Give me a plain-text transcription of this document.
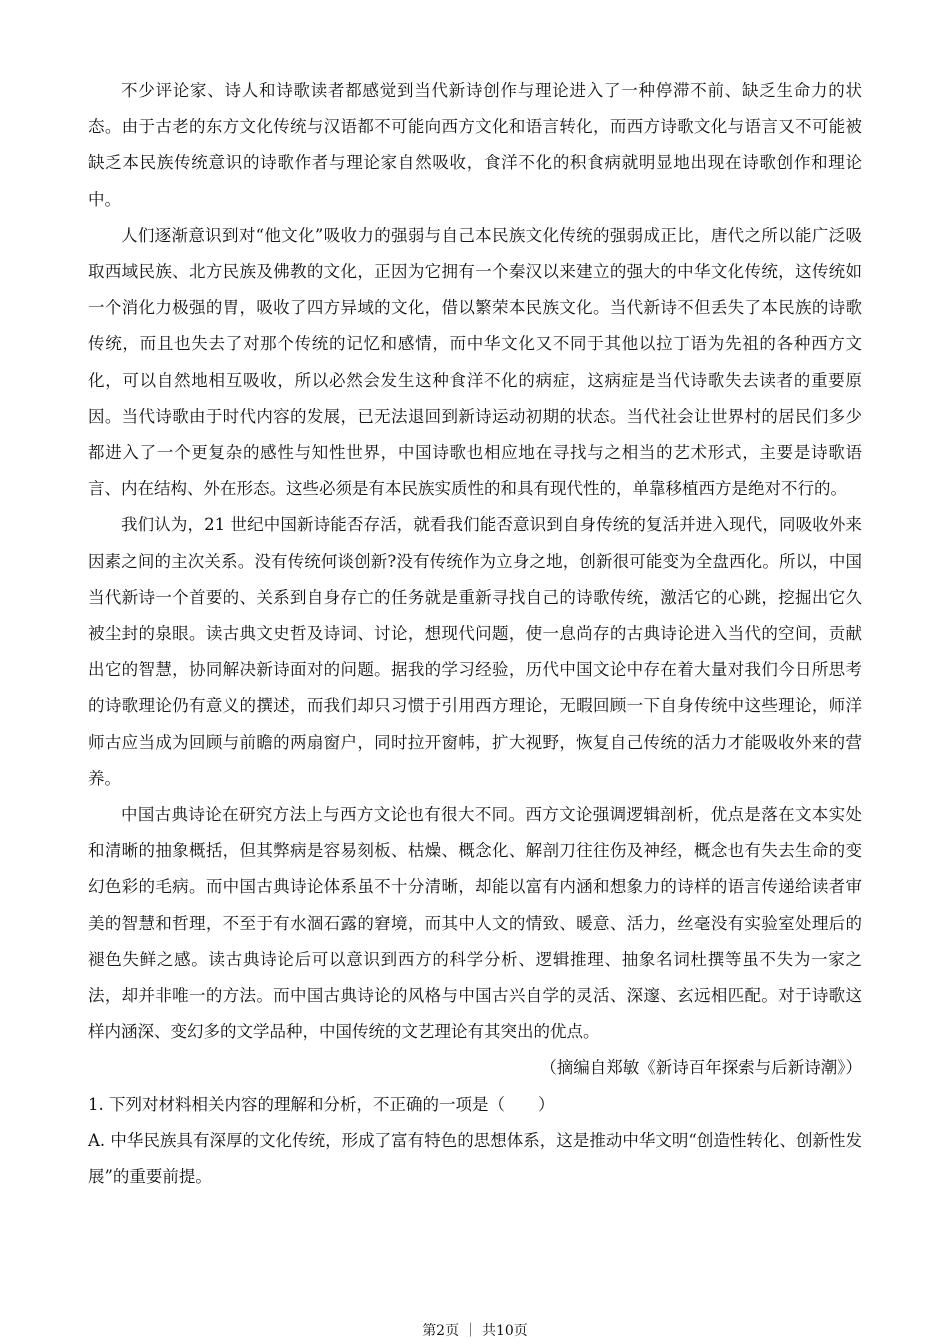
不少评论家、诗人和诗歌读者都感觉到当代新诗创作与理论进入了一种停滞不前、缺乏生命力的状态。由于古老的东方文化传统与汉语都不可能向西方文化和语言转化，而西方诗歌文化与语言又不可能被缺乏本民族传统意识的诗歌作者与理论家自然吸收，食洋不化的积食病就明显地出现在诗歌创作和理论中。

人们逐渐意识到对“他文化”吸收力的强弱与自己本民族文化传统的强弱成正比，唐代之所以能广泛吸取西域民族、北方民族及佛教的文化，正因为它拥有一个秦汉以来建立的强大的中华文化传统，这传统如一个消化力极强的胃，吸收了四方异域的文化，借以繁荣本民族文化。当代新诗不但丢失了本民族的诗歌传统，而且也失去了对那个传统的记忆和感情，而中华文化又不同于其他以拉丁语为先祖的各种西方文化，可以自然地相互吸收，所以必然会发生这种食洋不化的病症，这病症是当代诗歌失去读者的重要原因。当代诗歌由于时代内容的发展，已无法退回到新诗运动初期的状态。当代社会让世界村的居民们多少都进入了一个更复杂的感性与知性世界，中国诗歌也相应地在寻找与之相当的艺术形式，主要是诗歌语言、内在结构、外在形态。这些必须是有本民族实质性的和具有现代性的，单靠移植西方是绝对不行的。

我们认为，21 世纪中国新诗能否存活，就看我们能否意识到自身传统的复活并进入现代，同吸收外来因素之间的主次关系。没有传统何谈创新?没有传统作为立身之地，创新很可能变为全盘西化。所以，中国当代新诗一个首要的、关系到自身存亡的任务就是重新寻找自己的诗歌传统，激活它的心跳，挖掘出它久被尘封的泉眼。读古典文史哲及诗词、讨论，想现代问题，使一息尚存的古典诗论进入当代的空间，贡献出它的智慧，协同解决新诗面对的问题。据我的学习经验，历代中国文论中存在着大量对我们今日所思考的诗歌理论仍有意义的撰述，而我们却只习惯于引用西方理论，无暇回顾一下自身传统中这些理论，师洋师古应当成为回顾与前瞻的两扇窗户，同时拉开窗帏，扩大视野，恢复自己传统的活力才能吸收外来的营养。

中国古典诗论在研究方法上与西方文论也有很大不同。西方文论强调逻辑剖析，优点是落在文本实处和清晰的抽象概括，但其弊病是容易刻板、枯燥、概念化、解剖刀往往伤及神经，概念也有失去生命的变幻色彩的毛病。而中国古典诗论体系虽不十分清晰，却能以富有内涵和想象力的诗样的语言传递给读者审美的智慧和哲理，不至于有水涸石露的窘境，而其中人文的情致、暖意、活力，丝毫没有实验室处理后的褪色失鲜之感。读古典诗论后可以意识到西方的科学分析、逻辑推理、抽象名词杜撰等虽不失为一家之法，却并非唯一的方法。而中国古典诗论的风格与中国古兴自学的灵活、深邃、玄远相匹配。对于诗歌这样内涵深、变幻多的文学品种，中国传统的文艺理论有其突出的优点。

（摘编自郑敏《新诗百年探索与后新诗潮》）

1. 下列对材料相关内容的理解和分析，不正确的一项是（　　）

A. 中华民族具有深厚的文化传统，形成了富有特色的思想体系，这是推动中华文明“创造性转化、创新性发展”的重要前提。

第2页 ｜ 共10页
